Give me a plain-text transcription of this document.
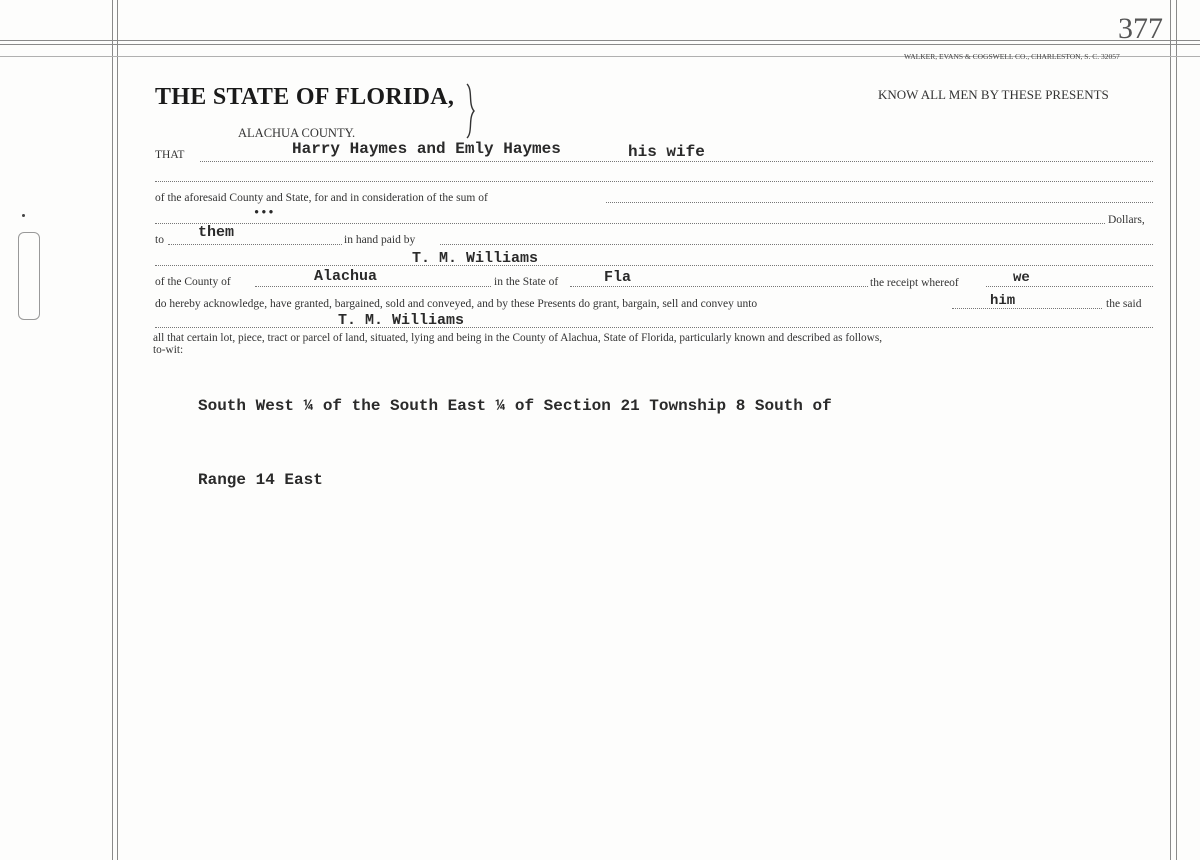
377
WALKER, EVANS & COGSWELL CO., CHARLESTON, S. C. 32057
THE STATE OF FLORIDA,
ALACHUA COUNTY.
KNOW ALL MEN BY THESE PRESENTS
THAT	Harry Haymes and Emly Haymes	his wife
of the aforesaid County and State, for and in consideration of the sum of
•••	Dollars,
to them	in hand paid by
T. M. Williams
of the County of	Alachua	in the State of	Fla	the receipt whereof	we
do hereby acknowledge, have granted, bargained, sold and conveyed, and by these Presents do grant, bargain, sell and convey unto	him	the said
T. M. Williams
all that certain lot, piece, tract or parcel of land, situated, lying and being in the County of Alachua, State of Florida, particularly known and described as follows,
to-wit:
South West ¼ of the South East ¼ of Section 21 Township 8 South of
Range 14 East
